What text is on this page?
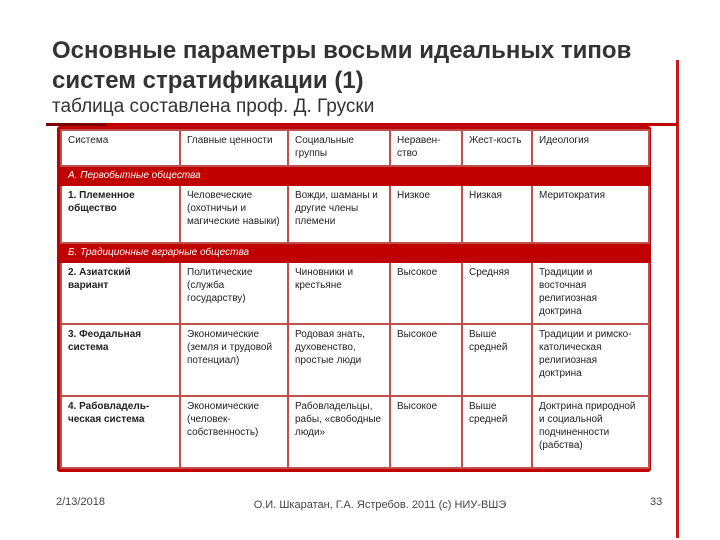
Основные параметры восьми идеальных типов систем стратификации (1)
таблица составлена проф. Д. Груски
Система	Главные ценности	Социальные группы	Неравен-ство	Жест-кость	Идеология
А. Первобытные общества					
1. Племенное общество	Человеческие (охотничьи и магические навыки)	Вожди, шаманы и другие члены племени	Низкое	Низкая	Меритократия
Б. Традиционные аграрные общества					
2. Азиатский вариант	Политические (служба государству)	Чиновники и крестьяне	Высокое	Средняя	Традиции и восточная религиозная доктрина
3. Феодальная система	Экономические (земля и трудовой потенциал)	Родовая знать, духовенство, простые люди	Высокое	Выше средней	Традиции и римско-католическая религиозная доктрина
4. Рабовладель-ческая система	Экономические (человек-собственность)	Рабовладельцы, рабы, «свободные люди»	Высокое	Выше средней	Доктрина природной и социальной подчиненности (рабства)
2/13/2018	О.И. Шкаратан, Г.А. Ястребов. 2011 (с) НИУ-ВШЭ	33
